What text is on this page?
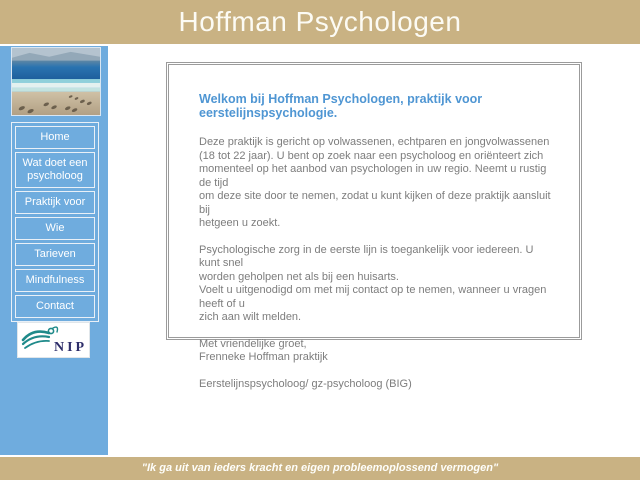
Hoffman Psychologen
Home
Wat doet een psycholoog
Praktijk voor
Wie
Tarieven
Mindfulness
Contact
NIP
Welkom bij Hoffman Psychologen, praktijk voor
eerstelijnspsychologie.
Deze praktijk is gericht op volwassenen, echtparen en jongvolwassenen
(18 tot 22 jaar). U bent op zoek naar een psycholoog en oriënteert zich
momenteel op het aanbod van psychologen in uw regio. Neemt u rustig de tijd
om deze site door te nemen, zodat u kunt kijken of deze praktijk aansluit bij
hetgeen u zoekt.
Psychologische zorg in de eerste lijn is toegankelijk voor iedereen. U kunt snel
worden geholpen net als bij een huisarts.
Voelt u uitgenodigd om met mij contact op te nemen, wanneer u vragen heeft of u
zich aan wilt melden.
Met vriendelijke groet,
Frenneke Hoffman praktijk
Eerstelijnspsycholoog/ gz-psycholoog (BIG)
"Ik ga uit van ieders kracht en eigen probleemoplossend vermogen"
